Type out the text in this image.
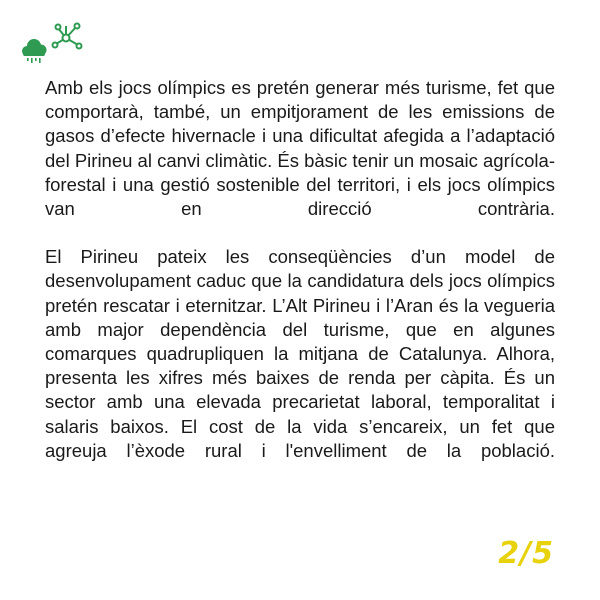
Amb els jocs olímpics es pretén generar més turisme, fet que comportarà, també, un empitjorament de les emissions de gasos d’efecte hivernacle i una dificultat afegida a l’adaptació del Pirineu al canvi climàtic. És bàsic tenir un mosaic agrícola-forestal i una gestió sostenible del territori, i els jocs olímpics van en direcció contrària.

El Pirineu pateix les conseqüències d’un model de desenvolupament caduc que la candidatura dels jocs olímpics pretén rescatar i eternitzar. L’Alt Pirineu i l’Aran és la vegueria amb major dependència del turisme, que en algunes comarques quadrupliquen la mitjana de Catalunya. Alhora, presenta les xifres més baixes de renda per càpita. És un sector amb una elevada precarietat laboral, temporalitat i salaris baixos. El cost de la vida s’encareix, un fet que agreuja l’èxode rural i l'envelliment de la població.

2/5
